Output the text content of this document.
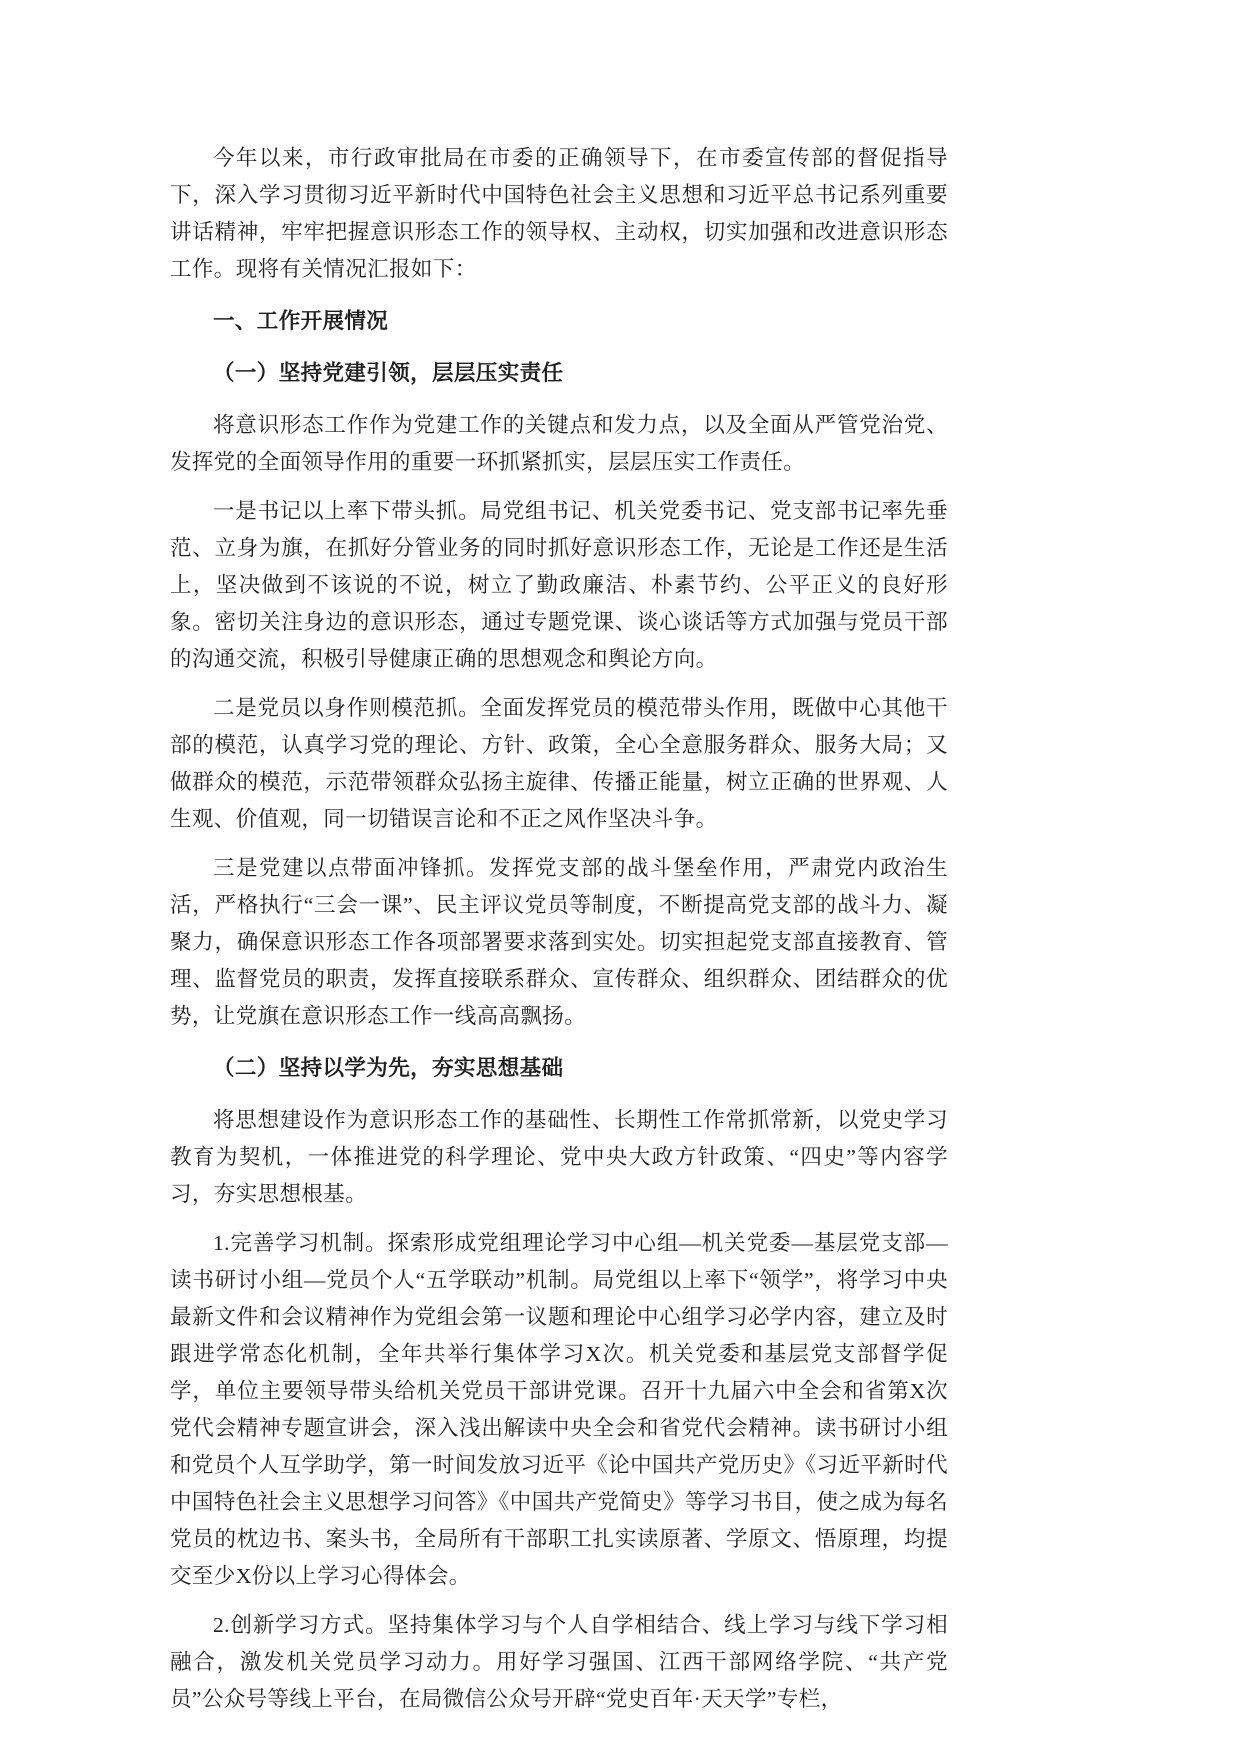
今年以来，市行政审批局在市委的正确领导下，在市委宣传部的督促指导下，深入学习贯彻习近平新时代中国特色社会主义思想和习近平总书记系列重要讲话精神，牢牢把握意识形态工作的领导权、主动权，切实加强和改进意识形态工作。现将有关情况汇报如下：

一、工作开展情况

（一）坚持党建引领，层层压实责任

将意识形态工作作为党建工作的关键点和发力点，以及全面从严管党治党、发挥党的全面领导作用的重要一环抓紧抓实，层层压实工作责任。

一是书记以上率下带头抓。局党组书记、机关党委书记、党支部书记率先垂范、立身为旗，在抓好分管业务的同时抓好意识形态工作，无论是工作还是生活上，坚决做到不该说的不说，树立了勤政廉洁、朴素节约、公平正义的良好形象。密切关注身边的意识形态，通过专题党课、谈心谈话等方式加强与党员干部的沟通交流，积极引导健康正确的思想观念和舆论方向。

二是党员以身作则模范抓。全面发挥党员的模范带头作用，既做中心其他干部的模范，认真学习党的理论、方针、政策，全心全意服务群众、服务大局；又做群众的模范，示范带领群众弘扬主旋律、传播正能量，树立正确的世界观、人生观、价值观，同一切错误言论和不正之风作坚决斗争。

三是党建以点带面冲锋抓。发挥党支部的战斗堡垒作用，严肃党内政治生活，严格执行“三会一课”、民主评议党员等制度，不断提高党支部的战斗力、凝聚力，确保意识形态工作各项部署要求落到实处。切实担起党支部直接教育、管理、监督党员的职责，发挥直接联系群众、宣传群众、组织群众、团结群众的优势，让党旗在意识形态工作一线高高飘扬。

（二）坚持以学为先，夯实思想基础

将思想建设作为意识形态工作的基础性、长期性工作常抓常新，以党史学习教育为契机，一体推进党的科学理论、党中央大政方针政策、“四史”等内容学习，夯实思想根基。

1.完善学习机制。探索形成党组理论学习中心组—机关党委—基层党支部—读书研讨小组—党员个人“五学联动”机制。局党组以上率下“领学”，将学习中央最新文件和会议精神作为党组会第一议题和理论中心组学习必学内容，建立及时跟进学常态化机制，全年共举行集体学习X次。机关党委和基层党支部督学促学，单位主要领导带头给机关党员干部讲党课。召开十九届六中全会和省第X次党代会精神专题宣讲会，深入浅出解读中央全会和省党代会精神。读书研讨小组和党员个人互学助学，第一时间发放习近平《论中国共产党历史》《习近平新时代中国特色社会主义思想学习问答》《中国共产党简史》等学习书目，使之成为每名党员的枕边书、案头书，全局所有干部职工扎实读原著、学原文、悟原理，均提交至少X份以上学习心得体会。

2.创新学习方式。坚持集体学习与个人自学相结合、线上学习与线下学习相融合，激发机关党员学习动力。用好学习强国、江西干部网络学院、“共产党员”公众号等线上平台，在局微信公众号开辟“党史百年·天天学”专栏，
